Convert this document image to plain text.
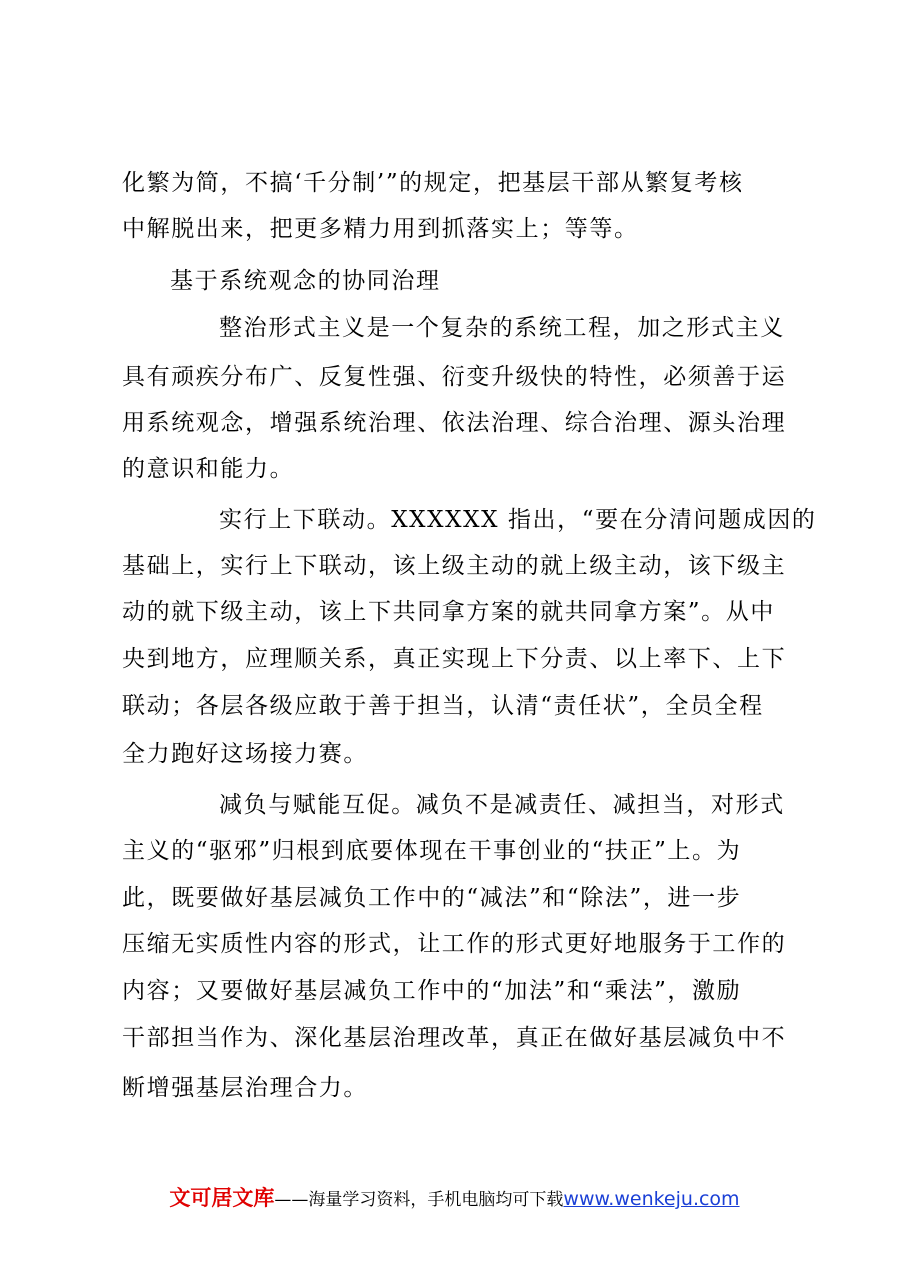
化繁为简，不搞‘千分制’”的规定，把基层干部从繁复考核
中解脱出来，把更多精力用到抓落实上；等等。
基于系统观念的协同治理
整治形式主义是一个复杂的系统工程，加之形式主义
具有顽疾分布广、反复性强、衍变升级快的特性，必须善于运
用系统观念，增强系统治理、依法治理、综合治理、源头治理
的意识和能力。
实行上下联动。XXXXXX 指出，“要在分清问题成因的
基础上，实行上下联动，该上级主动的就上级主动，该下级主
动的就下级主动，该上下共同拿方案的就共同拿方案”。从中
央到地方，应理顺关系，真正实现上下分责、以上率下、上下
联动；各层各级应敢于善于担当，认清“责任状”，全员全程
全力跑好这场接力赛。
减负与赋能互促。减负不是减责任、减担当，对形式
主义的“驱邪”归根到底要体现在干事创业的“扶正”上。为
此，既要做好基层减负工作中的“减法”和“除法”，进一步
压缩无实质性内容的形式，让工作的形式更好地服务于工作的
内容；又要做好基层减负工作中的“加法”和“乘法”，激励
干部担当作为、深化基层治理改革，真正在做好基层减负中不
断增强基层治理合力。
文可居文库——海量学习资料，手机电脑均可下载www.wenkeju.com
